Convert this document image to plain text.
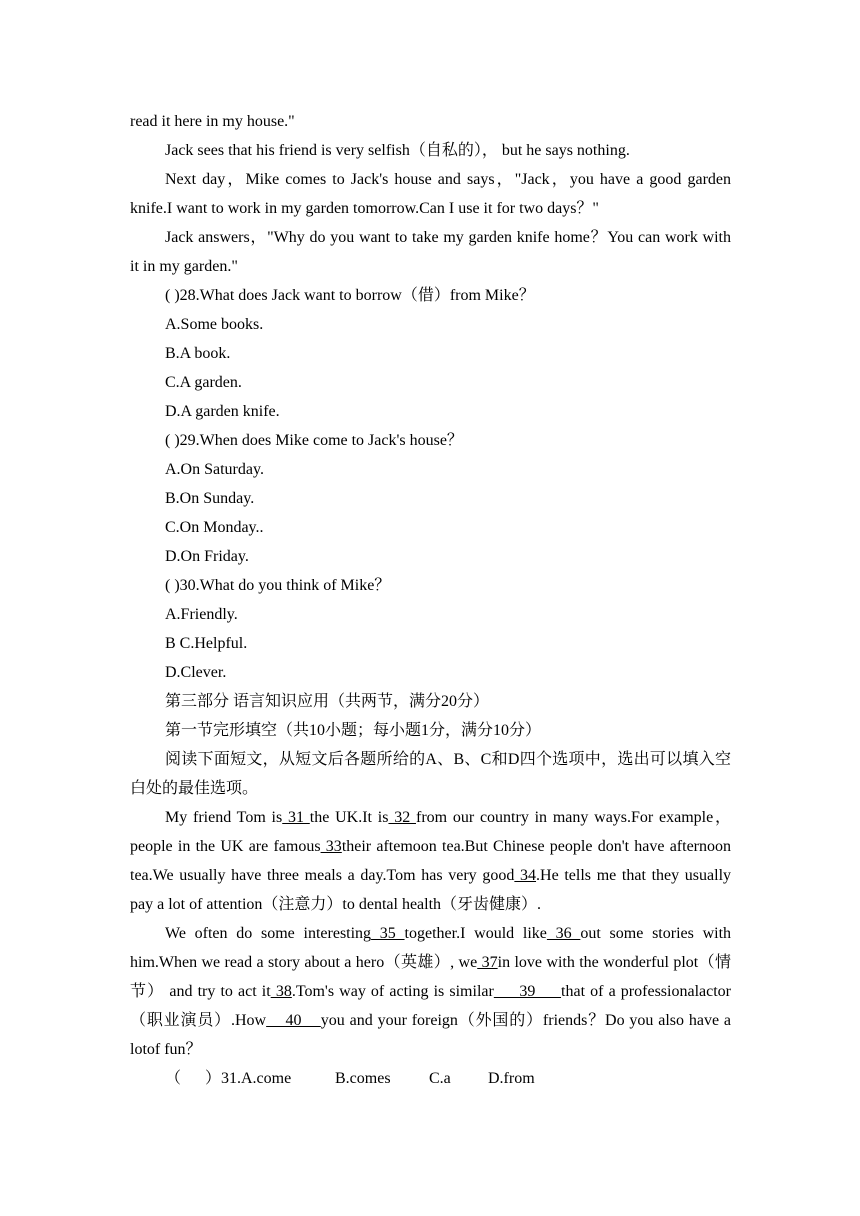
read it here in my house."

Jack sees that his friend is very selfish（自私的）， but he says nothing.

Next day，Mike comes to Jack's house and says，"Jack，you have a good garden knife.I want to work in my garden tomorrow.Can I use it for two days？"

Jack answers，"Why do you want to take my garden knife home？You can work with it in my garden."

( )28.What does Jack want to borrow（借）from Mike？

A.Some books.

B.A book.

C.A garden.

D.A garden knife.

( )29.When does Mike come to Jack's house？

A.On Saturday.

B.On Sunday.

C.On Monday..

D.On Friday.

( )30.What do you think of Mike？

A.Friendly.

B C.Helpful.

D.Clever.

第三部分 语言知识应用（共两节，满分20分）

第一节完形填空（共10小题；每小题1分，满分10分）

阅读下面短文，从短文后各题所给的A、B、C和D四个选项中，选出可以填入空白处的最佳选项。

My friend Tom is 31 the UK.It is 32 from our country in many ways.For example，people in the UK are famous 33their aftemoon tea.But Chinese people don't have afternoon tea.We usually have three meals a day.Tom has very good 34.He tells me that they usually pay a lot of attention（注意力）to dental health（牙齿健康）.

We often do some interesting 35 together.I would like 36 out some stories with him.When we read a story about a hero（英雄）, we 37in love with the wonderful plot（情节） and try to act it 38.Tom's way of acting is similar     39     that of a professionalactor（职业演员）.How    40    you and your foreign（外国的）friends？Do you also have a lotof fun？

（      ）31.A.come	B.comes C.a D.from
